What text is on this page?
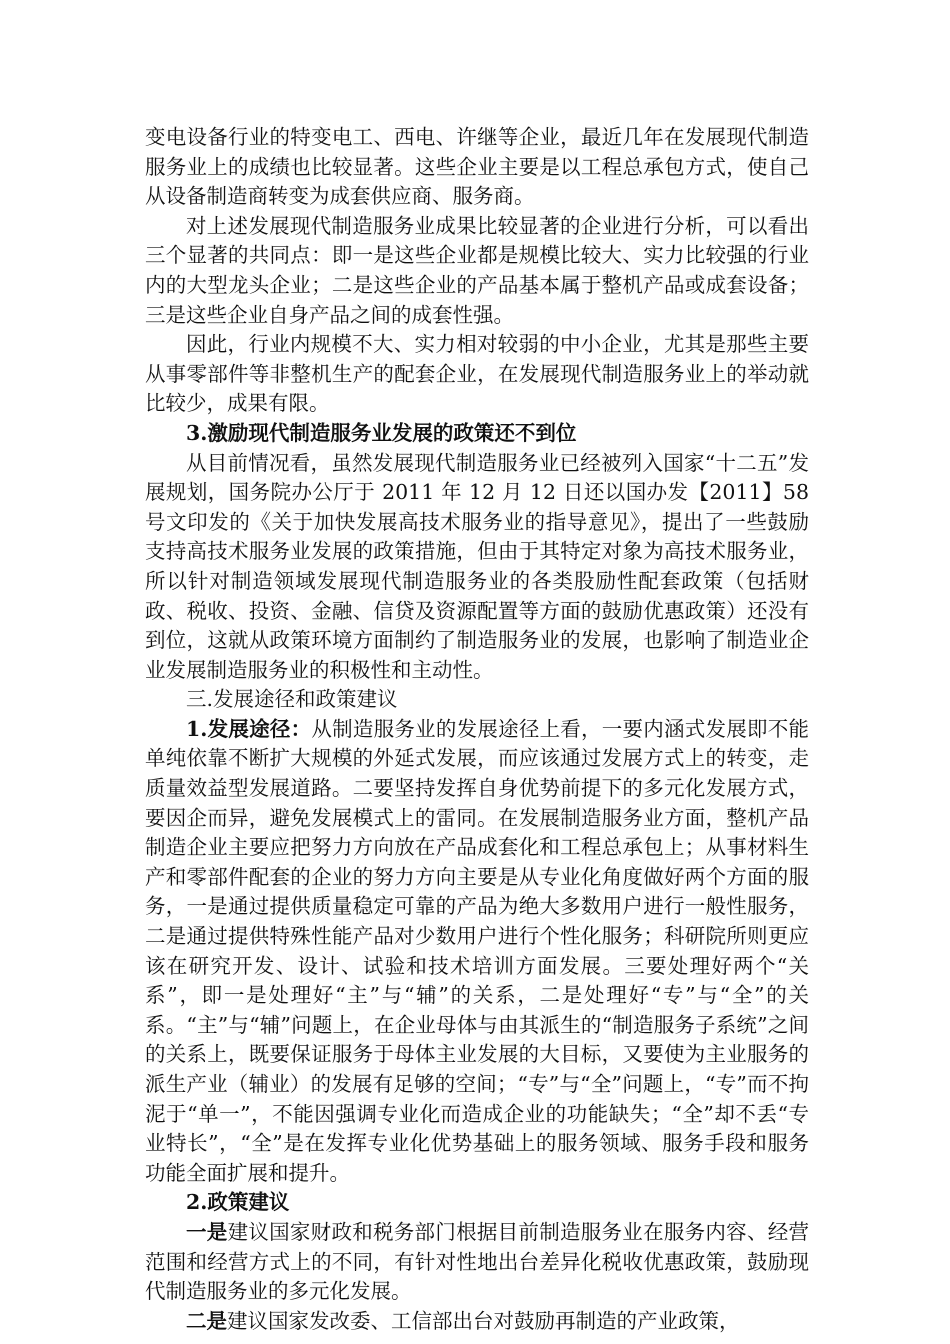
变电设备行业的特变电工、西电、许继等企业，最近几年在发展现代制造服务业上的成绩也比较显著。这些企业主要是以工程总承包方式，使自己从设备制造商转变为成套供应商、服务商。

对上述发展现代制造服务业成果比较显著的企业进行分析，可以看出三个显著的共同点：即一是这些企业都是规模比较大、实力比较强的行业内的大型龙头企业；二是这些企业的产品基本属于整机产品或成套设备；三是这些企业自身产品之间的成套性强。

因此，行业内规模不大、实力相对较弱的中小企业，尤其是那些主要从事零部件等非整机生产的配套企业，在发展现代制造服务业上的举动就比较少，成果有限。

3.激励现代制造服务业发展的政策还不到位

从目前情况看，虽然发展现代制造服务业已经被列入国家“十二五”发展规划，国务院办公厅于 2011 年 12 月 12 日还以国办发【2011】58 号文印发的《关于加快发展高技术服务业的指导意见》，提出了一些鼓励支持高技术服务业发展的政策措施，但由于其特定对象为高技术服务业，所以针对制造领域发展现代制造服务业的各类股励性配套政策（包括财政、税收、投资、金融、信贷及资源配置等方面的鼓励优惠政策）还没有到位，这就从政策环境方面制约了制造服务业的发展，也影响了制造业企业发展制造服务业的积极性和主动性。

三.发展途径和政策建议

1.发展途径：从制造服务业的发展途径上看，一要内涵式发展即不能单纯依靠不断扩大规模的外延式发展，而应该通过发展方式上的转变，走质量效益型发展道路。二要坚持发挥自身优势前提下的多元化发展方式，要因企而异，避免发展模式上的雷同。在发展制造服务业方面，整机产品制造企业主要应把努力方向放在产品成套化和工程总承包上；从事材料生产和零部件配套的企业的努力方向主要是从专业化角度做好两个方面的服务，一是通过提供质量稳定可靠的产品为绝大多数用户进行一般性服务，二是通过提供特殊性能产品对少数用户进行个性化服务；科研院所则更应该在研究开发、设计、试验和技术培训方面发展。三要处理好两个“关系”，即一是处理好“主”与“辅”的关系，二是处理好“专”与“全”的关系。“主”与“辅”问题上，在企业母体与由其派生的“制造服务子系统”之间的关系上，既要保证服务于母体主业发展的大目标，又要使为主业服务的派生产业（辅业）的发展有足够的空间；“专”与“全”问题上，“专”而不拘泥于“单一”，不能因强调专业化而造成企业的功能缺失；“全”却不丢“专业特长”，“全”是在发挥专业化优势基础上的服务领域、服务手段和服务功能全面扩展和提升。

2.政策建议

一是建议国家财政和税务部门根据目前制造服务业在服务内容、经营范围和经营方式上的不同，有针对性地出台差异化税收优惠政策，鼓励现代制造服务业的多元化发展。

二是建议国家发改委、工信部出台对鼓励再制造的产业政策，
